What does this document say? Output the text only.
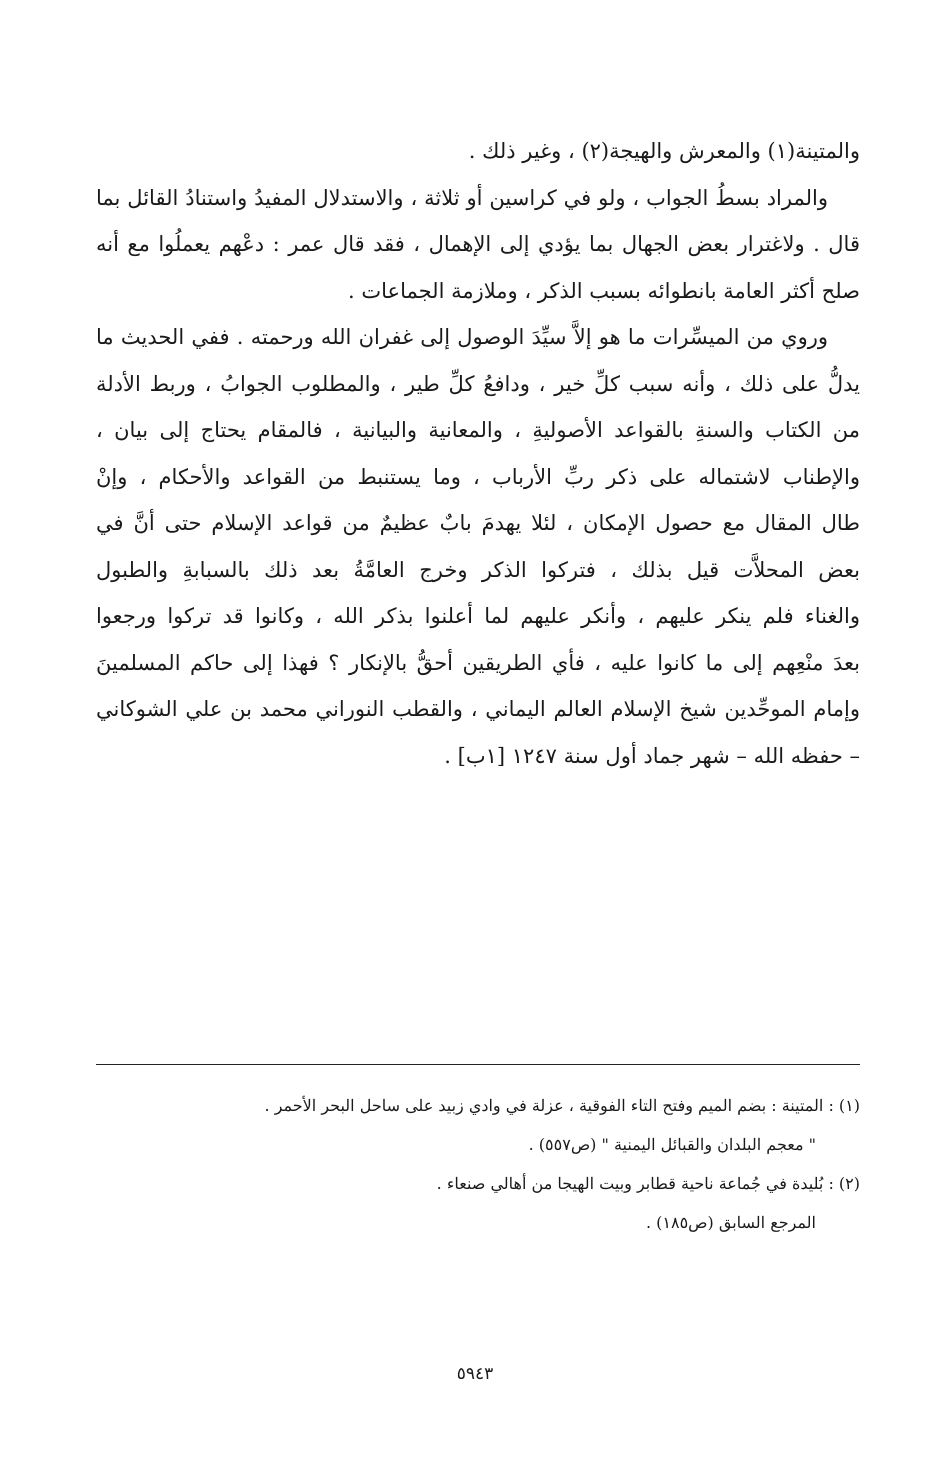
والمتينة(١) والمعرش والهيجة(٢) ، وغير ذلك .
والمراد بسطُ الجواب ، ولو في كراسين أو ثلاثة ، والاستدلال المفيدُ واستنادُ القائل بما
قال . ولاغترار بعض الجهال بما يؤدي إلى الإهمال ، فقد قال عمر : دعْهم يعملُوا مع أنه
صلح أكثر العامة بانطوائه بسبب الذكر ، وملازمة الجماعات .
وروي من الميسِّرات ما هو إلاَّ سيِّدَ الوصول إلى غفران الله ورحمته . ففي الحديث ما
يدلُّ على ذلك ، وأنه سبب كلِّ خير ، ودافعُ كلِّ طير ، والمطلوب الجوابُ ، وربط الأدلة
من الكتاب والسنةِ بالقواعد الأصوليةِ ، والمعانية والبيانية ، فالمقام يحتاج إلى بيان ،
والإطناب لاشتماله على ذكر ربِّ الأرباب ، وما يستنبط من القواعد والأحكام ، وإنْ
طال المقال مع حصول الإمكان ، لئلا يهدمَ بابٌ عظيمٌ من قواعد الإسلام حتى أنَّ في
بعض المحلاَّت قيل بذلك ، فتركوا الذكر وخرج العامَّةُ بعد ذلك بالسبابةِ والطبول
والغناء فلم ينكر عليهم ، وأنكر عليهم لما أعلنوا بذكر الله ، وكانوا قد تركوا ورجعوا
بعدَ منْعِهم إلى ما كانوا عليه ، فأي الطريقين أحقُّ بالإنكار ؟ فهذا إلى حاكم المسلمينَ
وإمام الموحِّدين شيخ الإسلام العالم اليماني ، والقطب النوراني محمد بن علي الشوكاني
– حفظه الله – شهر جماد أول سنة ١٢٤٧ [١ب] .
(١) : المتينة : بضم الميم وفتح التاء الفوقية ، عزلة في وادي زبيد على ساحل البحر الأحمر .
" معجم البلدان والقبائل اليمنية " (ص٥٥٧) .
(٢) : بُليدة في جُماعة ناحية قطابر وبيت الهيجا من أهالي صنعاء .
المرجع السابق (ص١٨٥) .
٥٩٤٣
